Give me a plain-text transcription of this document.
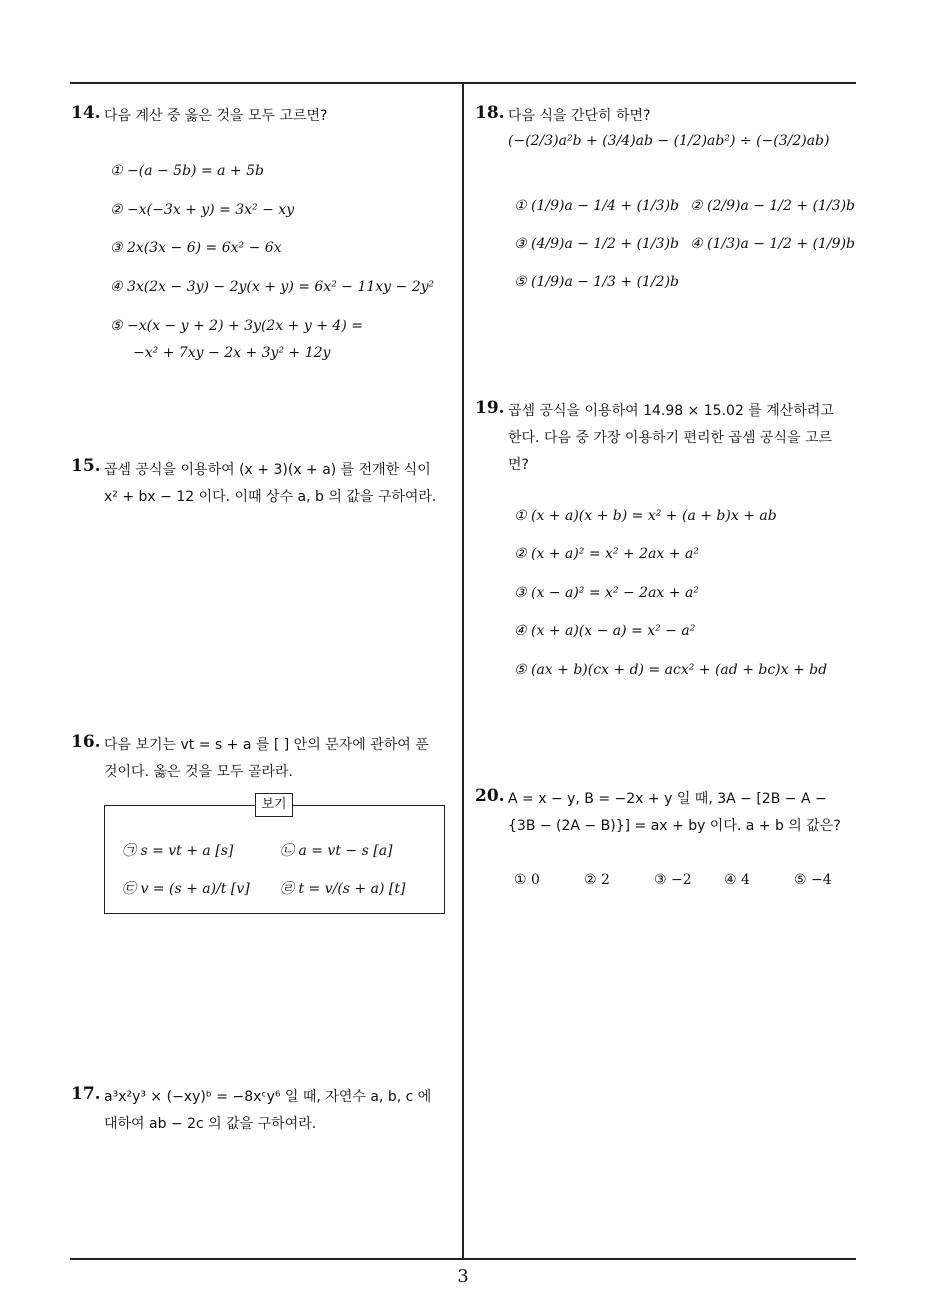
14. 다음 계산 중 옳은 것을 모두 고르면?
① −(a − 5b) = a + 5b
② −x(−3x + y) = 3x² − xy
③ 2x(3x − 6) = 6x² − 6x
④ 3x(2x − 3y) − 2y(x + y) = 6x² − 11xy − 2y²
⑤ −x(x − y + 2) + 3y(2x + y + 4) =
−x² + 7xy − 2x + 3y² + 12y
15. 곱셈 공식을 이용하여 (x + 3)(x + a) 를 전개한 식이
x² + bx − 12 이다. 이때 상수 a, b 의 값을 구하여라.
16. 다음 보기는 vt = s + a 를 [ ] 안의 문자에 관하여 푼
것이다. 옳은 것을 모두 골라라.
보기
㉠ s = vt + a [s]	㉡ a = vt − s [a]
㉢ v = (s + a)/t [v] ㉣ t = v/(s + a) [t]
17. a³x²y³ × (−xy)ᵇ = −8xᶜy⁶ 일 때, 자연수 a, b, c 에
대하여 ab − 2c 의 값을 구하여라.
18. 다음 식을 간단히 하면?
(−(2/3)a²b + (3/4)ab − (1/2)ab²) ÷ (−(3/2)ab)
① (1/9)a − 1/4 + (1/3)b ② (2/9)a − 1/2 + (1/3)b
③ (4/9)a − 1/2 + (1/3)b ④ (1/3)a − 1/2 + (1/9)b
⑤ (1/9)a − 1/3 + (1/2)b
19. 곱셈 공식을 이용하여 14.98 × 15.02 를 계산하려고
한다. 다음 중 가장 이용하기 편리한 곱셈 공식을 고르
면?
① (x + a)(x + b) = x² + (a + b)x + ab
② (x + a)² = x² + 2ax + a²
③ (x − a)² = x² − 2ax + a²
④ (x + a)(x − a) = x² − a²
⑤ (ax + b)(cx + d) = acx² + (ad + bc)x + bd
20. A = x − y, B = −2x + y 일 때, 3A − [2B − A −
{3B − (2A − B)}] = ax + by 이다. a + b 의 값은?
① 0	② 2	③ −2 ④ 4	⑤ −4
3
